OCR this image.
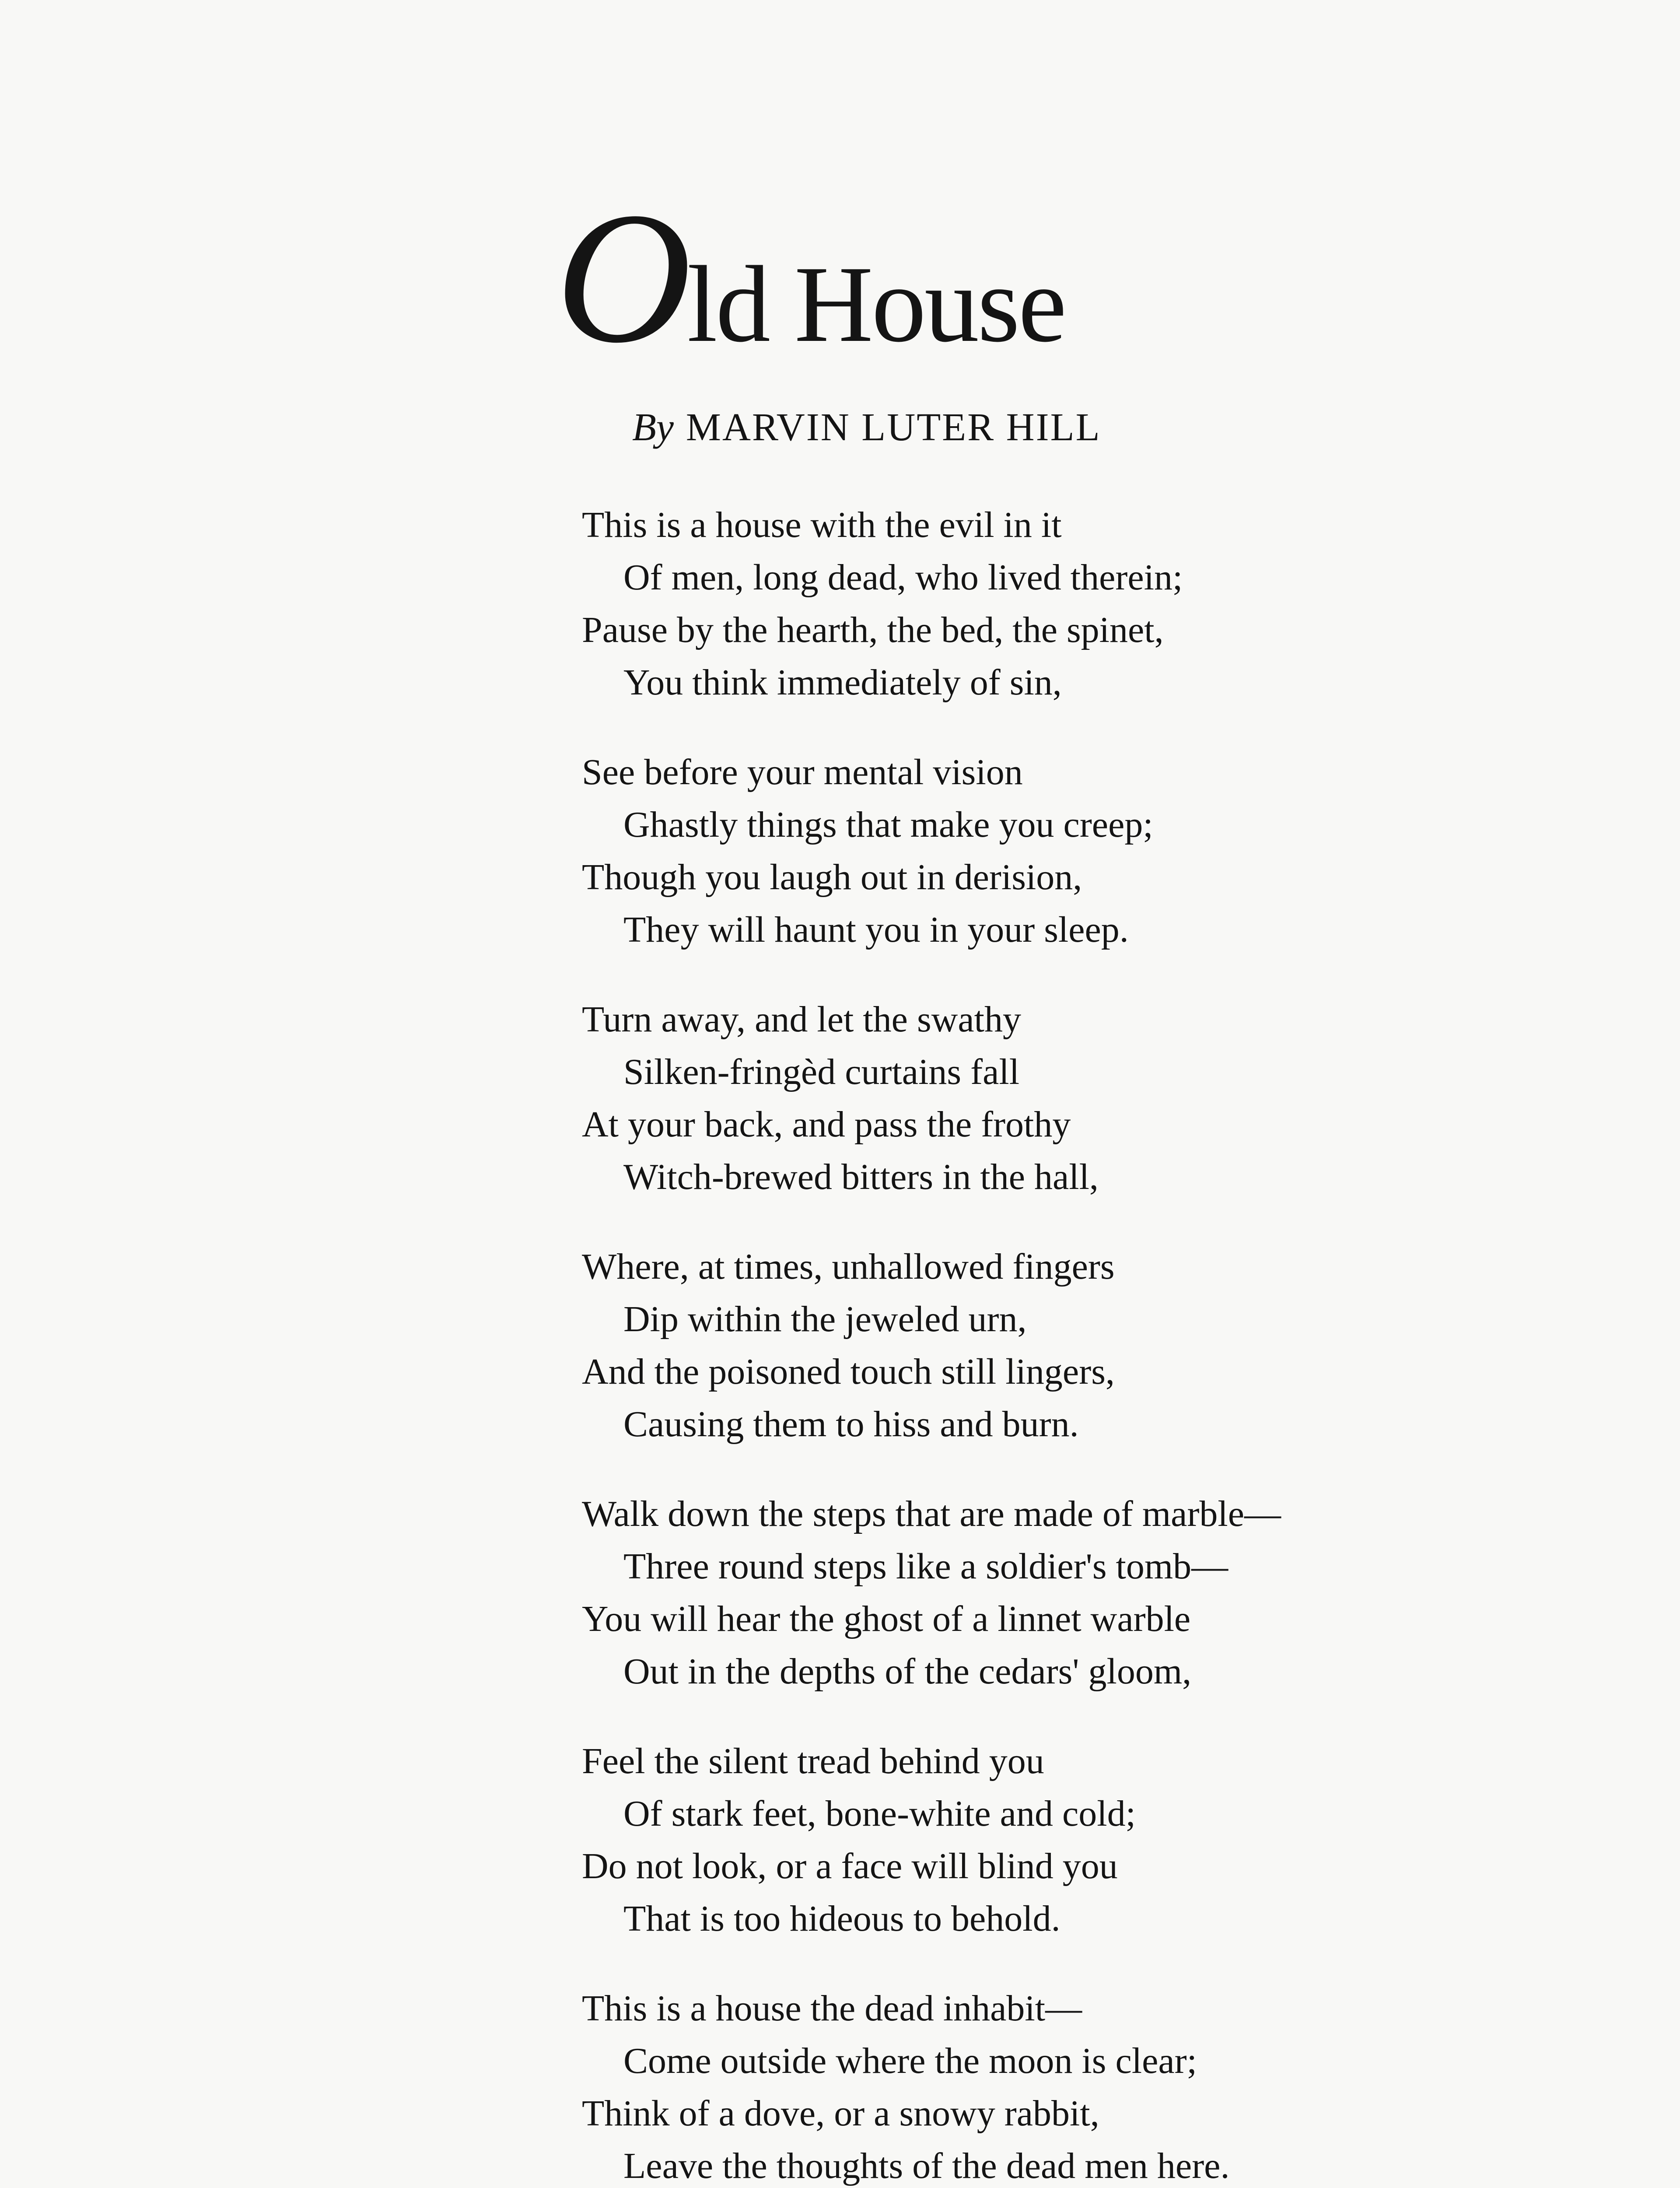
Old House
By MARVIN LUTER HILL
This is a house with the evil in it
Of men, long dead, who lived therein;
Pause by the hearth, the bed, the spinet,
You think immediately of sin,
See before your mental vision
Ghastly things that make you creep;
Though you laugh out in derision,
They will haunt you in your sleep.
Turn away, and let the swathy
Silken-fringèd curtains fall
At your back, and pass the frothy
Witch-brewed bitters in the hall,
Where, at times, unhallowed fingers
Dip within the jeweled urn,
And the poisoned touch still lingers,
Causing them to hiss and burn.
Walk down the steps that are made of marble—
Three round steps like a soldier's tomb—
You will hear the ghost of a linnet warble
Out in the depths of the cedars' gloom,
Feel the silent tread behind you
Of stark feet, bone-white and cold;
Do not look, or a face will blind you
That is too hideous to behold.
This is a house the dead inhabit—
Come outside where the moon is clear;
Think of a dove, or a snowy rabbit,
Leave the thoughts of the dead men here.
